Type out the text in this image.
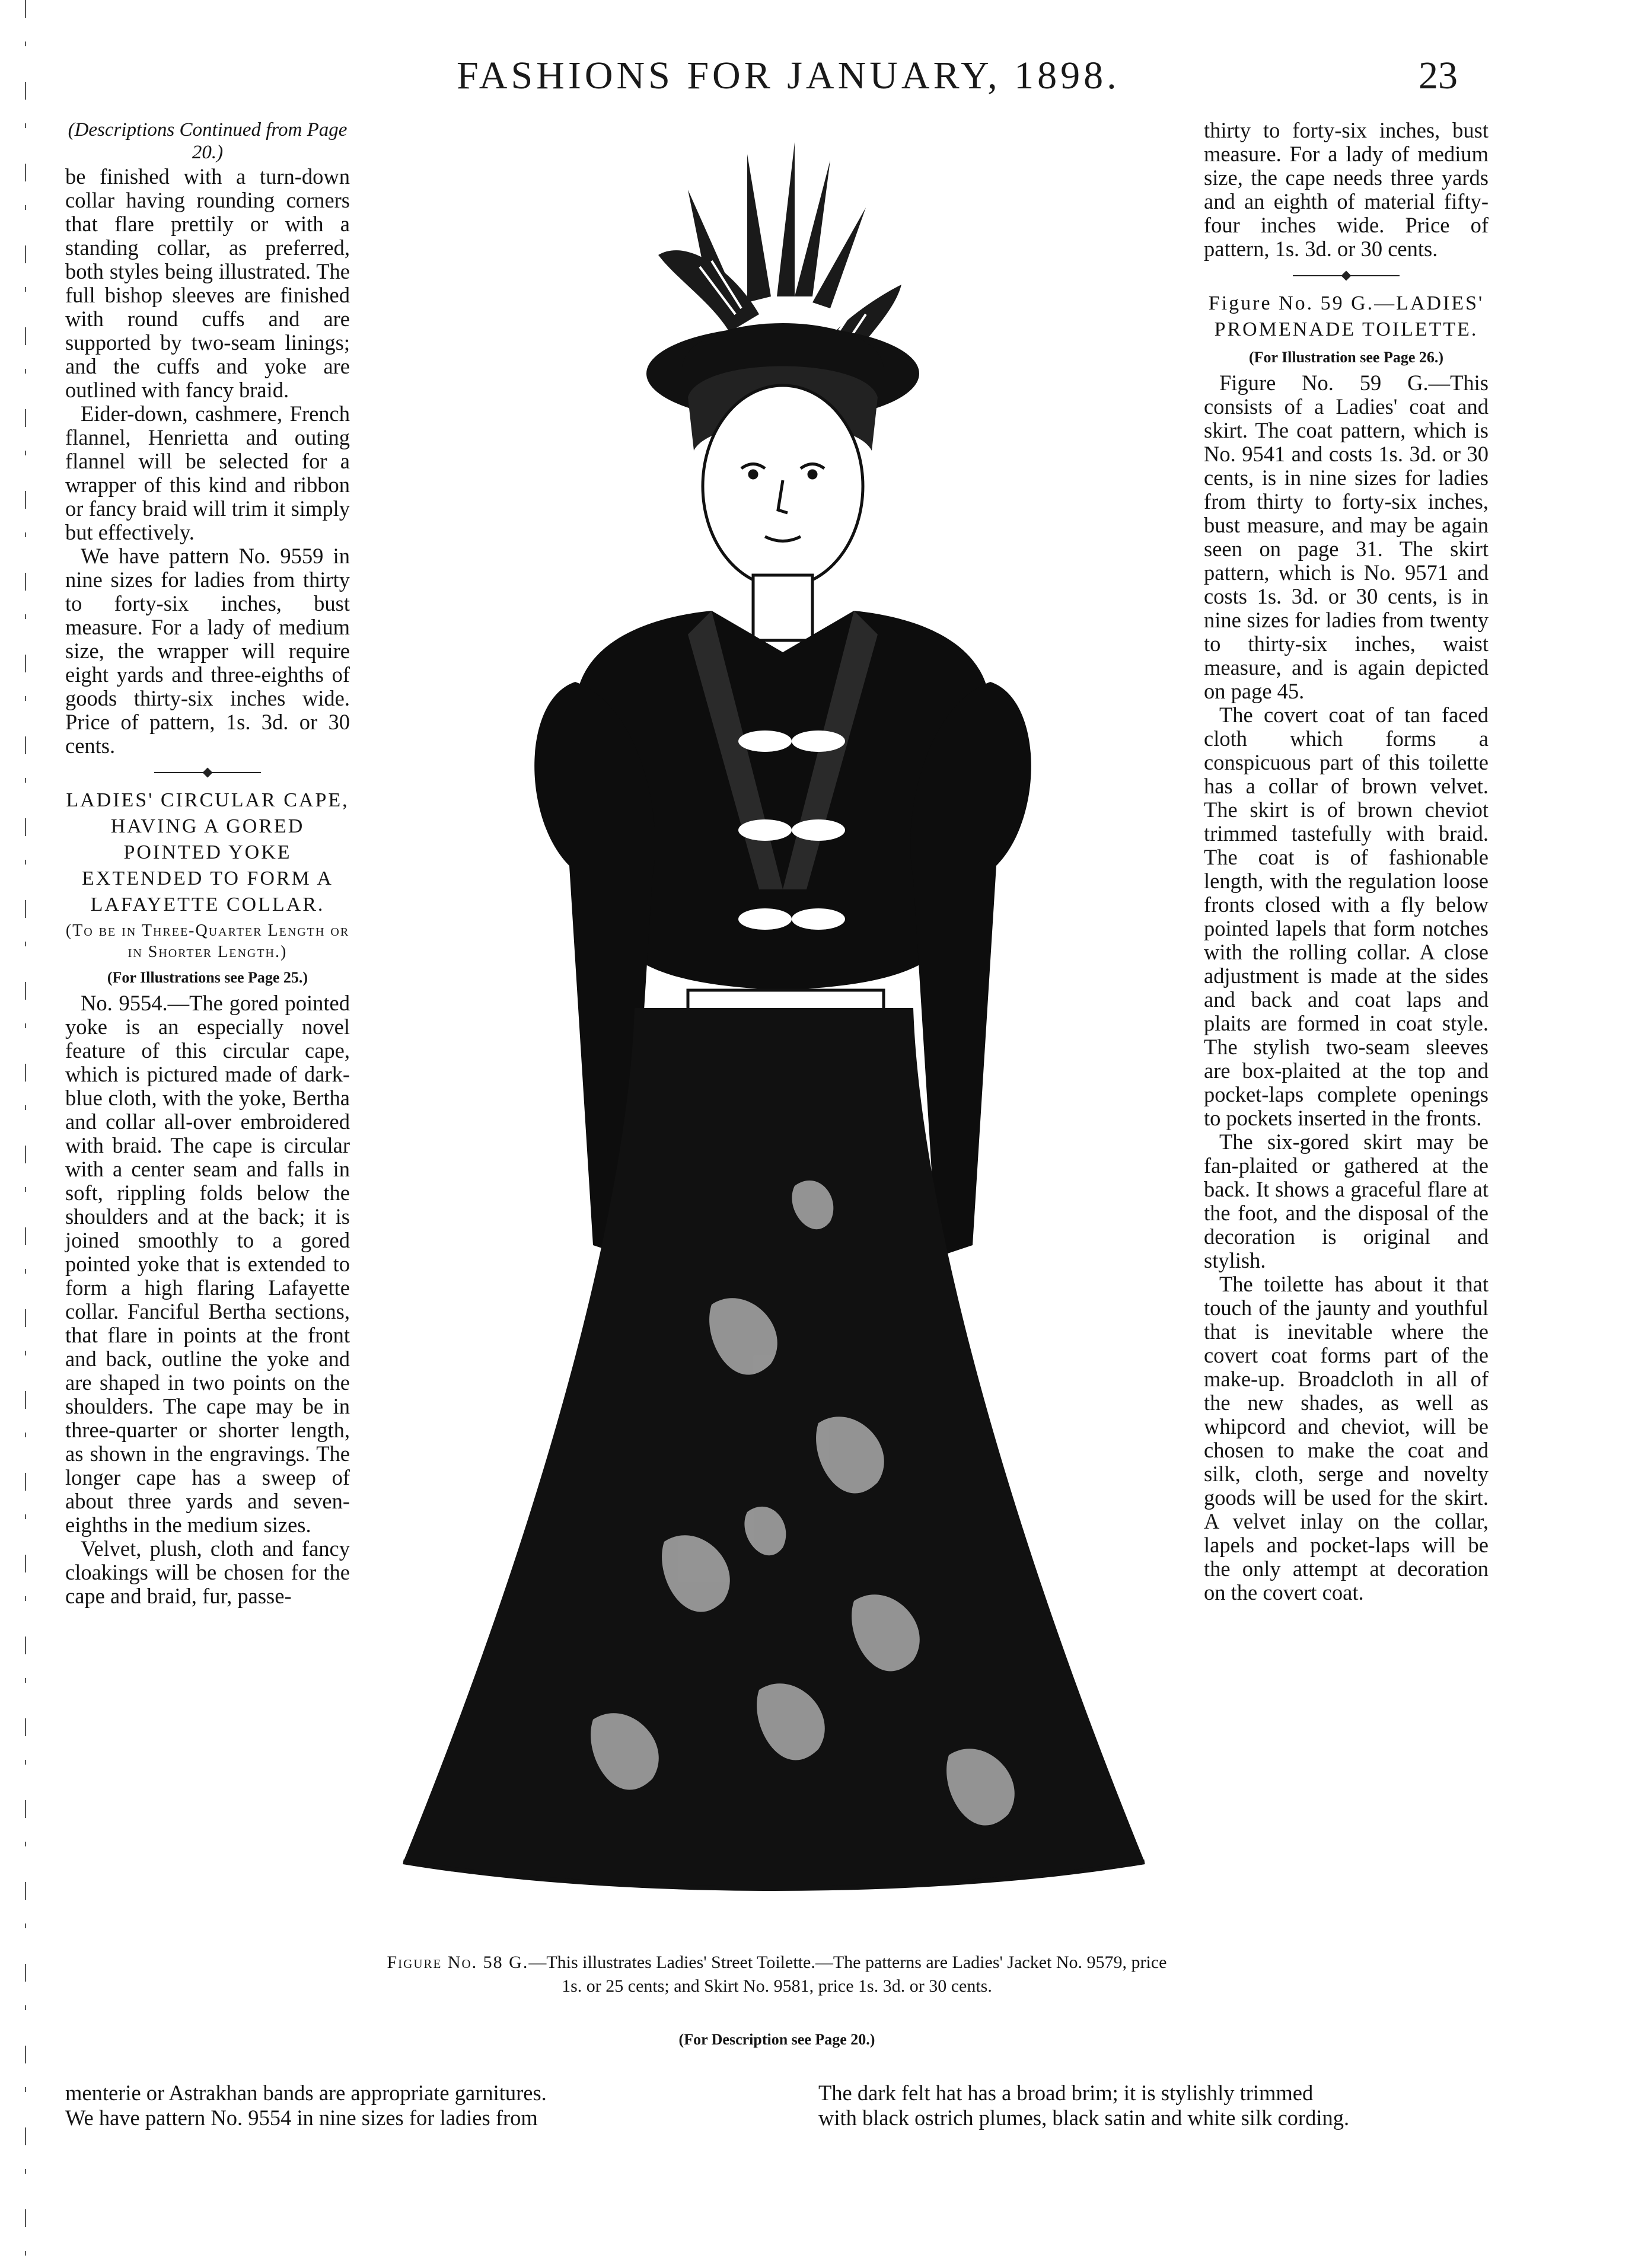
FASHIONS FOR JANUARY, 1898.	23

(Descriptions Continued from Page 20.)

be finished with a turn-down collar having rounding corners that flare prettily or with a standing collar, as preferred, both styles being illustrated. The full bishop sleeves are finished with round cuffs and are supported by two-seam linings; and the cuffs and yoke are outlined with fancy braid.

Eider-down, cashmere, French flannel, Henrietta and outing flannel will be selected for a wrapper of this kind and ribbon or fancy braid will trim it simply but effectively.

We have pattern No. 9559 in nine sizes for ladies from thirty to forty-six inches, bust measure. For a lady of medium size, the wrapper will require eight yards and three-eighths of goods thirty-six inches wide. Price of pattern, 1s. 3d. or 30 cents.

LADIES' CIRCULAR CAPE, HAVING A GORED POINTED YOKE EXTENDED TO FORM A LAFAYETTE COLLAR.

(To be in Three-Quarter Length or in Shorter Length.)

(For Illustrations see Page 25.)

No. 9554.—The gored pointed yoke is an especially novel feature of this circular cape, which is pictured made of dark-blue cloth, with the yoke, Bertha and collar all-over embroidered with braid. The cape is circular with a center seam and falls in soft, rippling folds below the shoulders and at the back; it is joined smoothly to a gored pointed yoke that is extended to form a high flaring Lafayette collar. Fanciful Bertha sections, that flare in points at the front and back, outline the yoke and are shaped in two points on the shoulders. The cape may be in three-quarter or shorter length, as shown in the engravings. The longer cape has a sweep of about three yards and seven-eighths in the medium sizes.

Velvet, plush, cloth and fancy cloakings will be chosen for the cape and braid, fur, passe-

Figure No. 58 G.—This illustrates Ladies' Street Toilette.—The patterns are Ladies' Jacket No. 9579, price 1s. or 25 cents; and Skirt No. 9581, price 1s. 3d. or 30 cents.
(For Description see Page 20.)

thirty to forty-six inches, bust measure. For a lady of medium size, the cape needs three yards and an eighth of material fifty-four inches wide. Price of pattern, 1s. 3d. or 30 cents.

Figure No. 59 G.—LADIES' PROMENADE TOILETTE.

(For Illustration see Page 26.)

Figure No. 59 G.—This consists of a Ladies' coat and skirt. The coat pattern, which is No. 9541 and costs 1s. 3d. or 30 cents, is in nine sizes for ladies from thirty to forty-six inches, bust measure, and may be again seen on page 31. The skirt pattern, which is No. 9571 and costs 1s. 3d. or 30 cents, is in nine sizes for ladies from twenty to thirty-six inches, waist measure, and is again depicted on page 45.

The covert coat of tan faced cloth which forms a conspicuous part of this toilette has a collar of brown velvet. The skirt is of brown cheviot trimmed tastefully with braid. The coat is of fashionable length, with the regulation loose fronts closed with a fly below pointed lapels that form notches with the rolling collar. A close adjustment is made at the sides and back and coat laps and plaits are formed in coat style. The stylish two-seam sleeves are box-plaited at the top and pocket-laps complete openings to pockets inserted in the fronts.

The six-gored skirt may be fan-plaited or gathered at the back. It shows a graceful flare at the foot, and the disposal of the decoration is original and stylish.

The toilette has about it that touch of the jaunty and youthful that is inevitable where the covert coat forms part of the make-up. Broadcloth in all of the new shades, as well as whipcord and cheviot, will be chosen to make the coat and silk, cloth, serge and novelty goods will be used for the skirt. A velvet inlay on the collar, lapels and pocket-laps will be the only attempt at decoration on the covert coat.

menterie or Astrakhan bands are appropriate garnitures.	The dark felt hat has a broad brim; it is stylishly trimmed
We have pattern No. 9554 in nine sizes for ladies from	with black ostrich plumes, black satin and white silk cording.
